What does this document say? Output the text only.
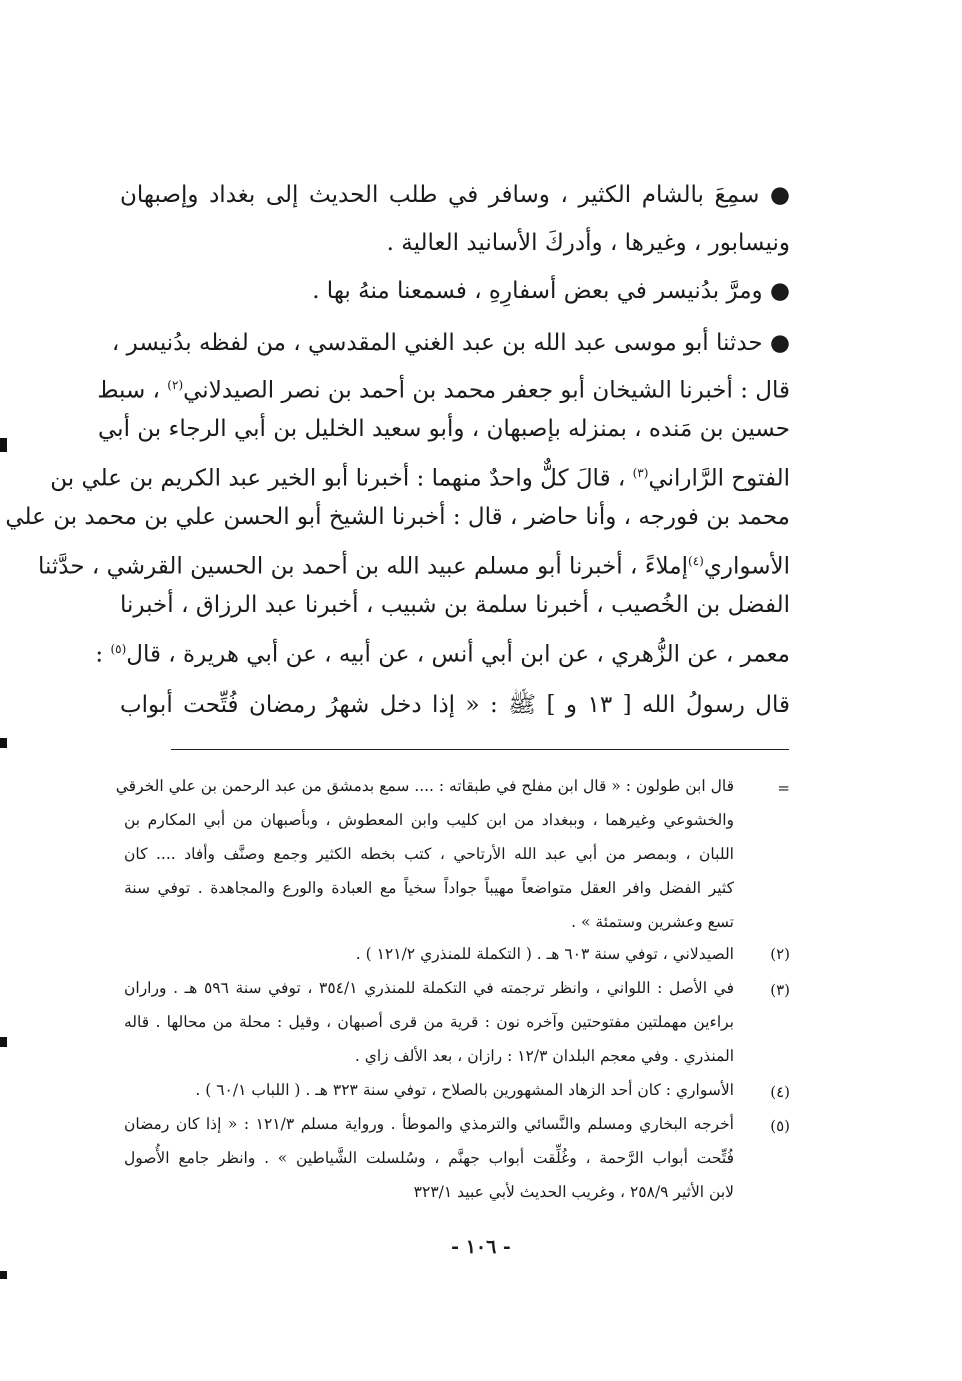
● سمِعَ بالشام الكثير ، وسافر في طلب الحديث إلى بغداد وإصبهان
ونيسابور ، وغيرها ، وأدركَ الأسانيد العالية .
● ومرَّ بدُنيسر في بعض أسفارِهِ ، فسمعنا منهُ بها .
● حدثنا أبو موسى عبد الله بن عبد الغني المقدسي ، من لفظه بدُنيسر ،
قال : أخبرنا الشيخان أبو جعفر محمد بن أحمد بن نصر الصيدلاني$^{(٢)}$ ، سبط
حسين بن مَنده ، بمنزله بإصبهان ، وأبو سعيد الخليل بن أبي الرجاء بن أبي
الفتوح الرَّاراني$^{(٣)}$ ، قالَ كلٌّ واحدٌ منهما : أخبرنا أبو الخير عبد الكريم بن علي بن
محمد بن فورجه ، وأنا حاضر ، قال : أخبرنا الشيخ أبو الحسن علي بن محمد بن علي
الأسواري$^{(٤)}$إملاءً ، أخبرنا أبو مسلم عبيد الله بن أحمد بن الحسين القرشي ، حدَّثنا
الفضل بن الخُصيب ، أخبرنا سلمة بن شبيب ، أخبرنا عبد الرزاق ، أخبرنا
معمر ، عن الزُّهري ، عن ابن أبي أنس ، عن أبيه ، عن أبي هريرة ، قال$^{(٥)}$ :
قال رسولُ الله [ ١٣ و ] ﷺ : « إذا دخل شهرُ رمضان فُتِّحت أبواب
=
قال ابن طولون : « قال ابن مفلح في طبقاته : .... سمع بدمشق من عبد الرحمن بن علي الخرقي
والخشوعي وغيرهما ، وببغداد من ابن كليب وابن المعطوش ، وبأصبهان من أبي المكارم بن
اللبان ، وبمصر من أبي عبد الله الأرتاحي ، كتب بخطه الكثير وجمع وصنَّف وأفاد .... كان
كثير الفضل وافر العقل متواضعاً مهيباً جواداً سخياً مع العبادة والورع والمجاهدة . توفي سنة
تسع وعشرين وستمئة » .
(٢)
الصيدلاني ، توفي سنة ٦٠٣ هـ . ( التكملة للمنذري ١٢١/٢ ) .
(٣)
في الأصل : اللواني ، وانظر ترجمته في التكملة للمنذري ٣٥٤/١ ، توفي سنة ٥٩٦ هـ . وراران
براءين مهملتين مفتوحتين وآخره نون : قرية من قرى أصبهان ، وقيل : محلة من محالها . قاله
المنذري . وفي معجم البلدان ١٢/٣ : رازان ، بعد الألف زاي .
(٤)
الأسواري : كان أحد الزهاد المشهورين بالصلاح ، توفي سنة ٣٢٣ هـ . ( اللباب ٦٠/١ ) .
(٥)
أخرجه البخاري ومسلم والنَّسائي والترمذي والموطأ . ورواية مسلم ١٢١/٣ : « إذا كان رمضان
فُتِّحت أبواب الرَّحمة ، وغُلِّقت أبواب جهنَّم ، وسُلسلت الشَّياطين » . وانظر جامع الأُصول
لابن الأثير ٢٥٨/٩ ، وغريب الحديث لأبي عبيد ٣٢٣/١
- ١٠٦ -
